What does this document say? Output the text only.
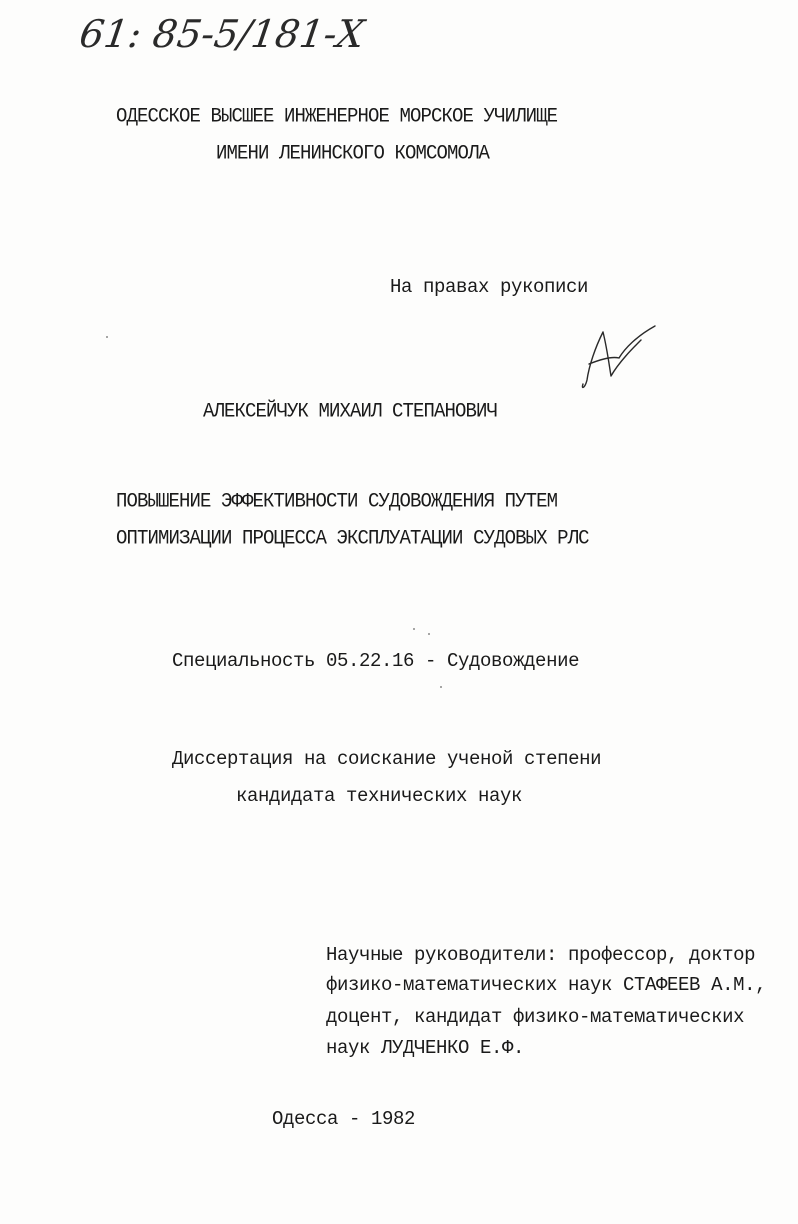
61: 85-5/181-Х
ОДЕССКОЕ ВЫСШЕЕ ИНЖЕНЕРНОЕ МОРСКОЕ УЧИЛИЩЕ
ИМЕНИ ЛЕНИНСКОГО КОМСОМОЛА
На правах рукописи
АЛЕКСЕЙЧУК МИХАИЛ СТЕПАНОВИЧ
ПОВЫШЕНИЕ ЭФФЕКТИВНОСТИ СУДОВОЖДЕНИЯ ПУТЕМ
ОПТИМИЗАЦИИ ПРОЦЕССА ЭКСПЛУАТАЦИИ СУДОВЫХ РЛС
Специальность 05.22.16 - Судовождение
Диссертация на соискание ученой степени
кандидата технических наук
Научные руководители: профессор, доктор
физико-математических наук СТАФЕЕВ А.М.,
доцент, кандидат физико-математических
наук ЛУДЧЕНКО Е.Ф.
Одесса - 1982
